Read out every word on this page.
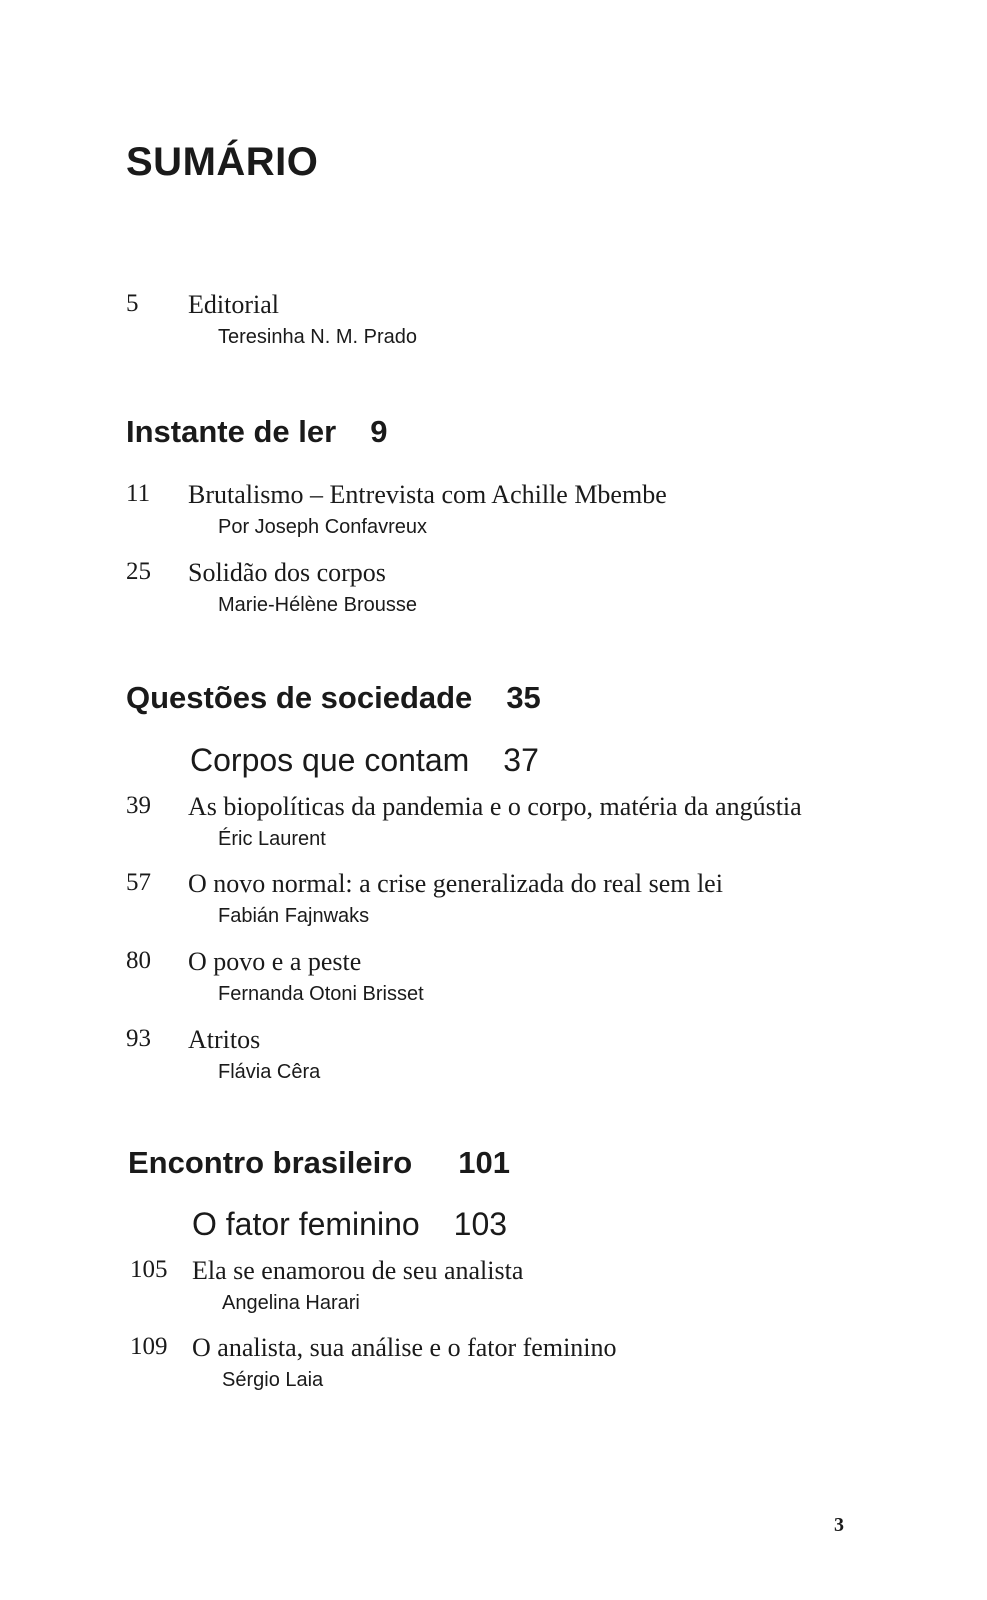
SUMÁRIO
5 Editorial
Teresinha N. M. Prado
Instante de ler 9
11 Brutalismo – Entrevista com Achille Mbembe
Por Joseph Confavreux
25 Solidão dos corpos
Marie-Hélène Brousse
Questões de sociedade 35
Corpos que contam 37
39 As biopolíticas da pandemia e o corpo, matéria da angústia
Éric Laurent
57 O novo normal: a crise generalizada do real sem lei
Fabián Fajnwaks
80 O povo e a peste
Fernanda Otoni Brisset
93 Atritos
Flávia Cêra
Encontro brasileiro 101
O fator feminino 103
105 Ela se enamorou de seu analista
Angelina Harari
109 O analista, sua análise e o fator feminino
Sérgio Laia
3
